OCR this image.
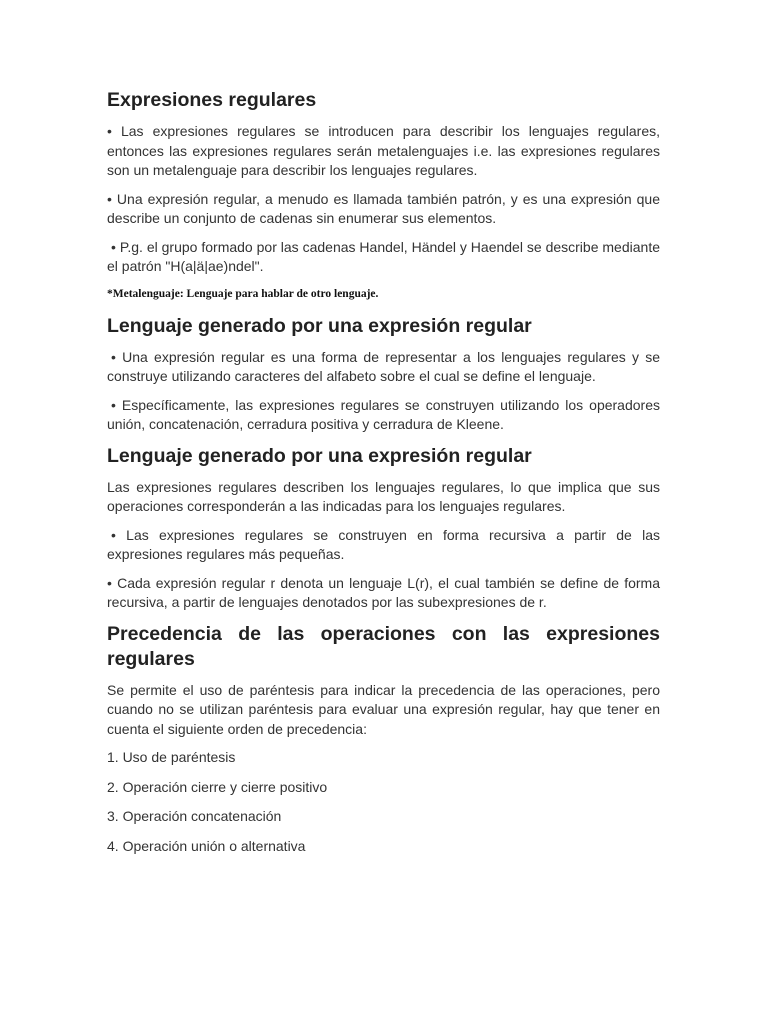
Expresiones regulares

• Las expresiones regulares se introducen para describir los lenguajes regulares, entonces las expresiones regulares serán metalenguajes i.e. las expresiones regulares son un metalenguaje para describir los lenguajes regulares.

• Una expresión regular, a menudo es llamada también patrón, y es una expresión que describe un conjunto de cadenas sin enumerar sus elementos.

• P.g. el grupo formado por las cadenas Handel, Händel y Haendel se describe mediante el patrón "H(a|ä|ae)ndel".

*Metalenguaje: Lenguaje para hablar de otro lenguaje.

Lenguaje generado por una expresión regular

• Una expresión regular es una forma de representar a los lenguajes regulares y se construye utilizando caracteres del alfabeto sobre el cual se define el lenguaje.

• Específicamente, las expresiones regulares se construyen utilizando los operadores unión, concatenación, cerradura positiva y cerradura de Kleene.

Lenguaje generado por una expresión regular

Las expresiones regulares describen los lenguajes regulares, lo que implica que sus operaciones corresponderán a las indicadas para los lenguajes regulares.

• Las expresiones regulares se construyen en forma recursiva a partir de las expresiones regulares más pequeñas.

• Cada expresión regular r denota un lenguaje L(r), el cual también se define de forma recursiva, a partir de lenguajes denotados por las subexpresiones de r.

Precedencia de las operaciones con las expresiones regulares

Se permite el uso de paréntesis para indicar la precedencia de las operaciones, pero cuando no se utilizan paréntesis para evaluar una expresión regular, hay que tener en cuenta el siguiente orden de precedencia:

1. Uso de paréntesis

2. Operación cierre y cierre positivo

3. Operación concatenación

4. Operación unión o alternativa
